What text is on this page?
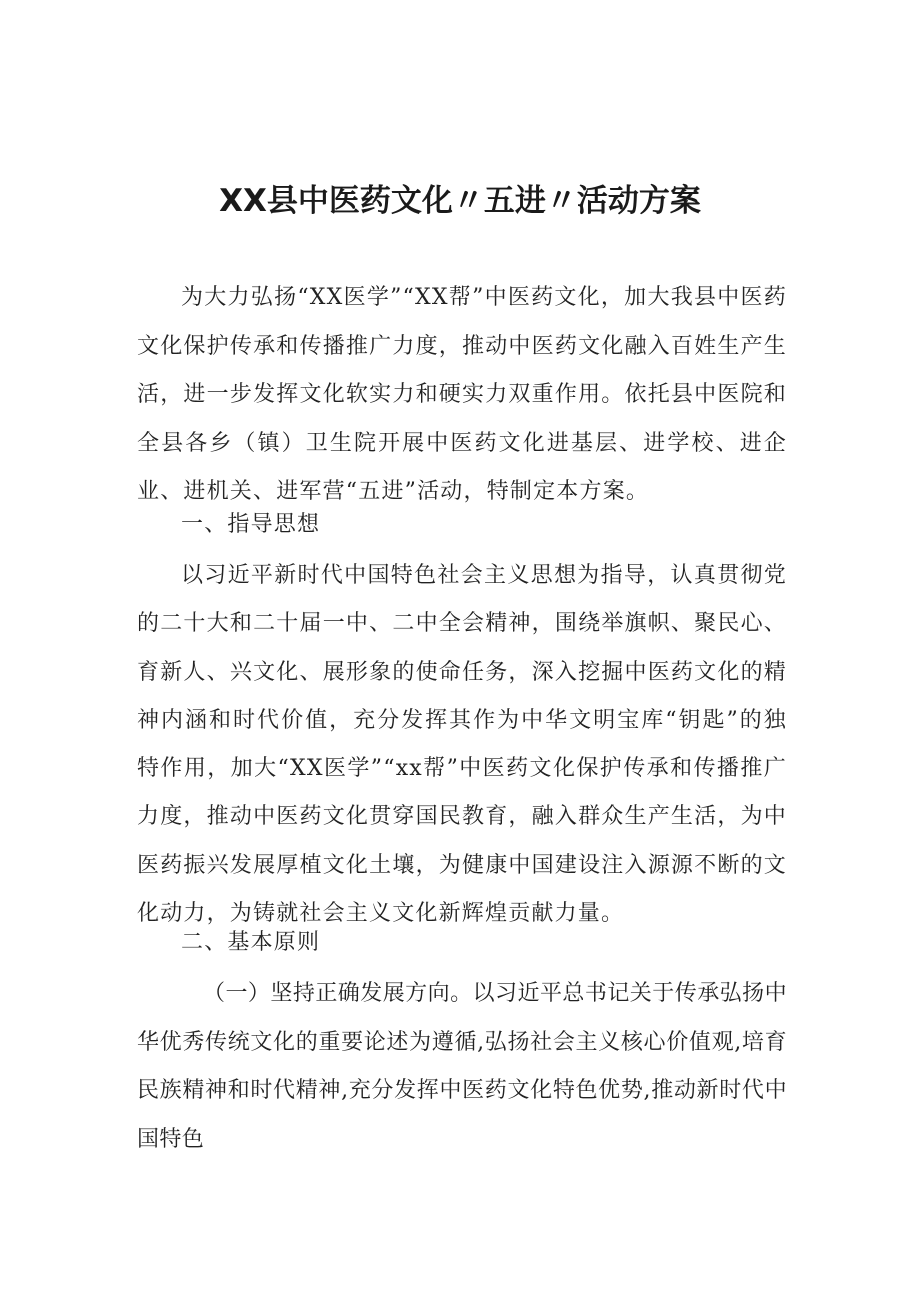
XX县中医药文化〃五进〃活动方案

为大力弘扬“XX医学”“XX帮”中医药文化，加大我县中医药文化保护传承和传播推广力度，推动中医药文化融入百姓生产生活，进一步发挥文化软实力和硬实力双重作用。依托县中医院和全县各乡（镇）卫生院开展中医药文化进基层、进学校、进企业、进机关、进军营“五进”活动，特制定本方案。

一、指导思想

以习近平新时代中国特色社会主义思想为指导，认真贯彻党的二十大和二十届一中、二中全会精神，围绕举旗帜、聚民心、育新人、兴文化、展形象的使命任务，深入挖掘中医药文化的精神内涵和时代价值，充分发挥其作为中华文明宝库“钥匙”的独特作用，加大“XX医学”“xx帮”中医药文化保护传承和传播推广力度，推动中医药文化贯穿国民教育，融入群众生产生活，为中医药振兴发展厚植文化土壤，为健康中国建设注入源源不断的文化动力，为铸就社会主义文化新辉煌贡献力量。

二、基本原则

（一）坚持正确发展方向。以习近平总书记关于传承弘扬中华优秀传统文化的重要论述为遵循,弘扬社会主义核心价值观,培育民族精神和时代精神,充分发挥中医药文化特色优势,推动新时代中国特色
